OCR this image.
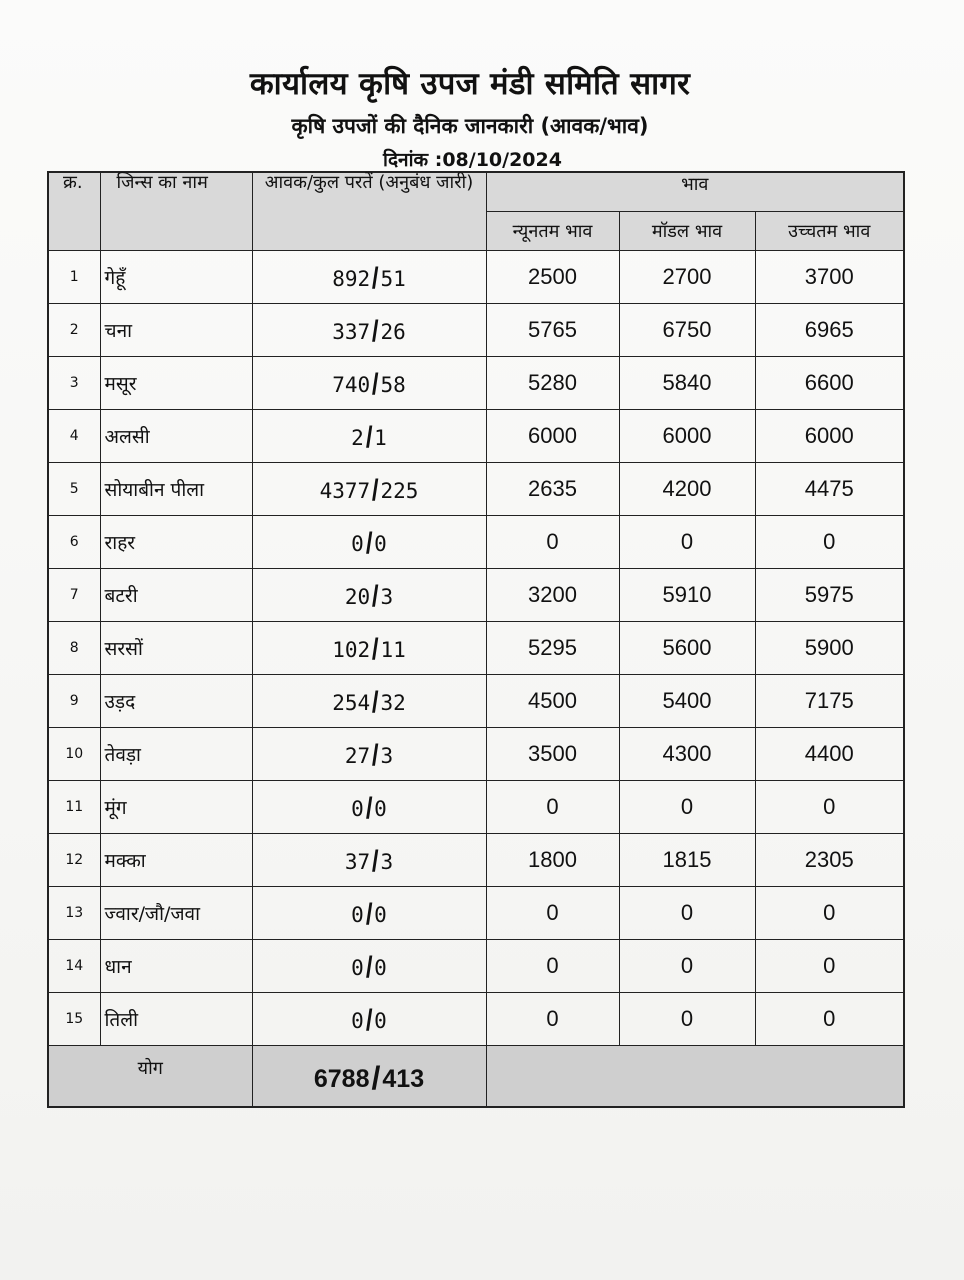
कार्यालय कृषि उपज मंडी समिति सागर
कृषि उपजों की दैनिक जानकारी (आवक/भाव)
दिनांक :08/10/2024
क्र.	जिन्स का नाम	आवक/कुल परतें (अनुबंध जारी)	भाव		
			न्यूनतम भाव	मॉडल भाव	उच्चतम भाव
1	गेहूँ	892/51	2500	2700	3700
2	चना	337/26	5765	6750	6965
3	मसूर	740/58	5280	5840	6600
4	अलसी	2/1	6000	6000	6000
5	सोयाबीन पीला	4377/225	2635	4200	4475
6	राहर	0/0	0	0	0
7	बटरी	20/3	3200	5910	5975
8	सरसों	102/11	5295	5600	5900
9	उड़द	254/32	4500	5400	7175
10	तेवड़ा	27/3	3500	4300	4400
11	मूंग	0/0	0	0	0
12	मक्का	37/3	1800	1815	2305
13	ज्वार/जौ/जवा	0/0	0	0	0
14	धान	0/0	0	0	0
15	तिली	0/0	0	0	0
योग		6788/413			
